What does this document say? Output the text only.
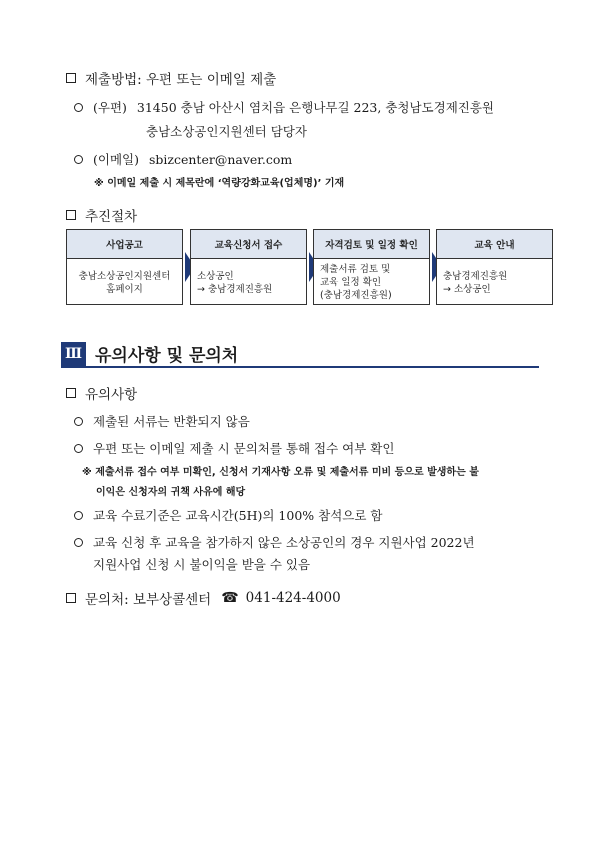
제출방법: 우편 또는 이메일 제출
(우편) 31450 충남 아산시 염치읍 은행나무길 223, 충청남도경제진흥원
충남소상공인지원센터 담당자
(이메일) sbizcenter@naver.com
※ 이메일 제출 시 제목란에 ‘역량강화교육(업체명)’ 기재
추진절차
사업공고
충남소상공인지원센터
홈페이지
교육신청서 접수
소상공인
→ 충남경제진흥원
자격검토 및 일정 확인
제출서류 검토 및
교육 일정 확인
(충남경제진흥원)
교육 안내
충남경제진흥원
→ 소상공인
Ⅲ 유의사항 및 문의처
유의사항
제출된 서류는 반환되지 않음
우편 또는 이메일 제출 시 문의처를 통해 접수 여부 확인
※ 제출서류 접수 여부 미확인, 신청서 기재사항 오류 및 제출서류 미비 등으로 발생하는 불
이익은 신청자의 귀책 사유에 해당
교육 수료기준은 교육시간(5H)의 100% 참석으로 함
교육 신청 후 교육을 참가하지 않은 소상공인의 경우 지원사업 2022년
지원사업 신청 시 불이익을 받을 수 있음
문의처: 보부상콜센터 ☎ 041-424-4000
